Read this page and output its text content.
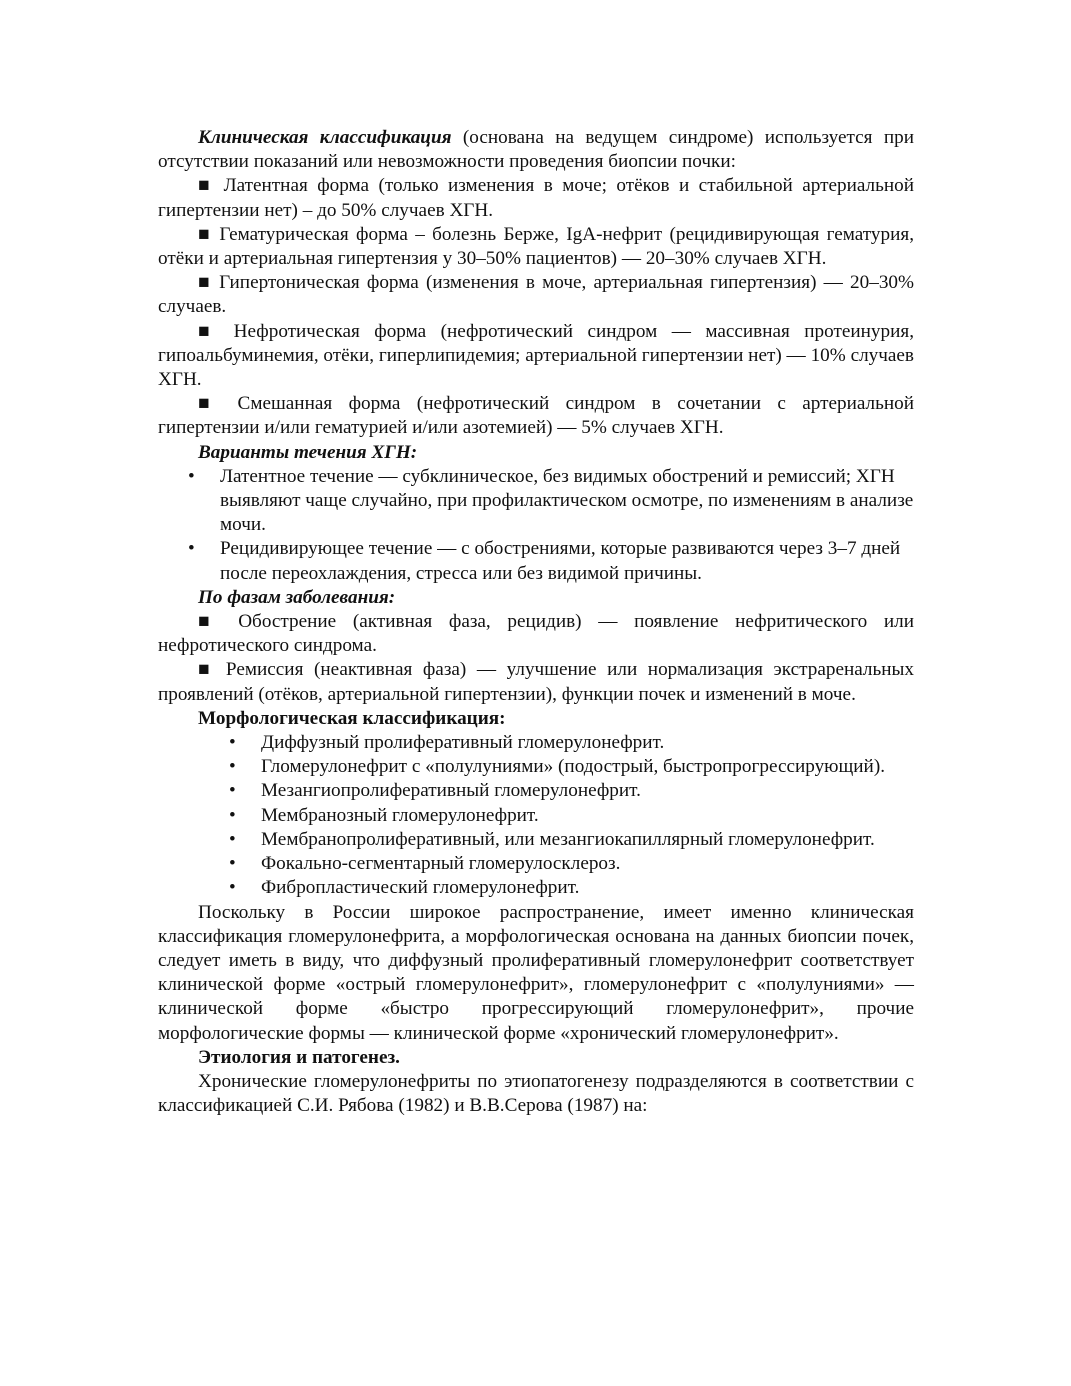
Клиническая классификация (основана на ведущем синдроме) используется при отсутствии показаний или невозможности проведения биопсии почки:

■ Латентная форма (только изменения в моче; отёков и стабильной артериальной гипертензии нет) – до 50% случаев ХГН.

■ Гематурическая форма – болезнь Берже, IgA-нефрит (рецидивирующая гематурия, отёки и артериальная гипертензия у 30–50% пациентов) — 20–30% случаев ХГН.

■ Гипертоническая форма (изменения в моче, артериальная гипертензия) — 20–30% случаев.

■ Нефротическая форма (нефротический синдром — массивная протеинурия, гипоальбуминемия, отёки, гиперлипидемия; артериальной гипертензии нет) — 10% случаев ХГН.

■ Смешанная форма (нефротический синдром в сочетании с артериальной гипертензии и/или гематурией и/или азотемией) — 5% случаев ХГН.

Варианты течения ХГН:

• Латентное течение — субклиническое, без видимых обострений и ремиссий; ХГН выявляют чаще случайно, при профилактическом осмотре, по изменениям в анализе мочи.
• Рецидивирующее течение — с обострениями, которые развиваются через 3–7 дней после переохлаждения, стресса или без видимой причины.

По фазам заболевания:

■ Обострение (активная фаза, рецидив) — появление нефритического или нефротического синдрома.

■ Ремиссия (неактивная фаза) — улучшение или нормализация экстраренальных проявлений (отёков, артериальной гипертензии), функции почек и изменений в моче.

Морфологическая классификация:

• Диффузный пролиферативный гломерулонефрит.
• Гломерулонефрит с «полулуниями» (подострый, быстропрогрессирующий).
• Мезангиопролиферативный гломерулонефрит.
• Мембранозный гломерулонефрит.
• Мембранопролиферативный, или мезангиокапиллярный гломерулонефрит.
• Фокально-сегментарный гломерулосклероз.
• Фибропластический гломерулонефрит.

Поскольку в России широкое распространение, имеет именно клиническая классификация гломерулонефрита, а морфологическая основана на данных биопсии почек, следует иметь в виду, что диффузный пролиферативный гломерулонефрит соответствует клинической форме «острый гломерулонефрит», гломерулонефрит с «полулуниями» — клинической форме «быстро прогрессирующий гломерулонефрит», прочие морфологические формы — клинической форме «хронический гломерулонефрит».

Этиология и патогенез.

Хронические гломерулонефриты по этиопатогенезу подразделяются в соответствии с классификацией С.И. Рябова (1982) и В.В.Серова (1987) на:
